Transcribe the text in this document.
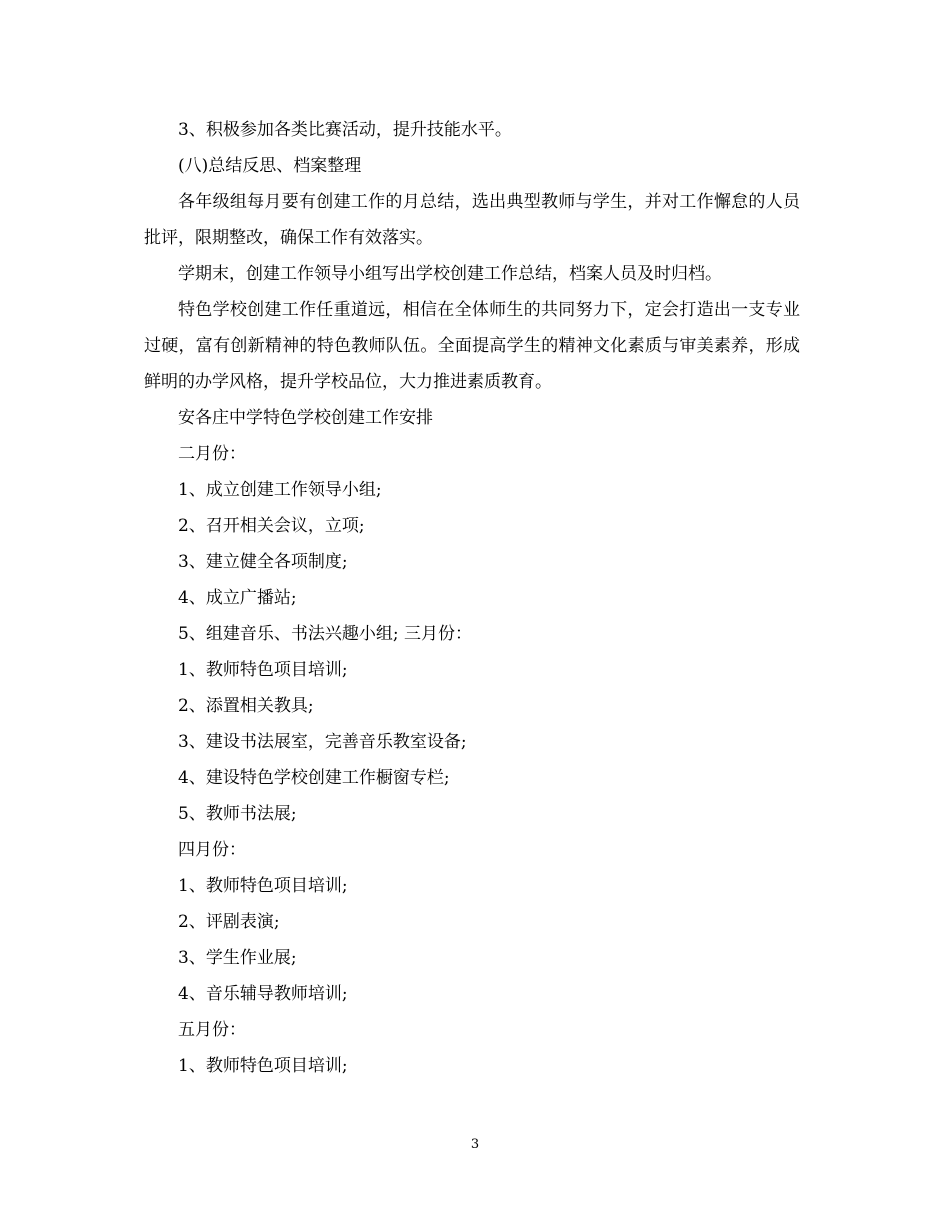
3、积极参加各类比赛活动，提升技能水平。

(八)总结反思、档案整理

各年级组每月要有创建工作的月总结，选出典型教师与学生，并对工作懈怠的人员批评，限期整改，确保工作有效落实。

学期末，创建工作领导小组写出学校创建工作总结，档案人员及时归档。

特色学校创建工作任重道远，相信在全体师生的共同努力下，定会打造出一支专业过硬，富有创新精神的特色教师队伍。全面提高学生的精神文化素质与审美素养，形成鲜明的办学风格，提升学校品位，大力推进素质教育。

安各庄中学特色学校创建工作安排

二月份：

1、成立创建工作领导小组;

2、召开相关会议，立项;

3、建立健全各项制度;

4、成立广播站;

5、组建音乐、书法兴趣小组; 三月份：

1、教师特色项目培训;

2、添置相关教具;

3、建设书法展室，完善音乐教室设备;

4、建设特色学校创建工作橱窗专栏;

5、教师书法展;

四月份：

1、教师特色项目培训;

2、评剧表演;

3、学生作业展;

4、音乐辅导教师培训;

五月份：

1、教师特色项目培训;

3
